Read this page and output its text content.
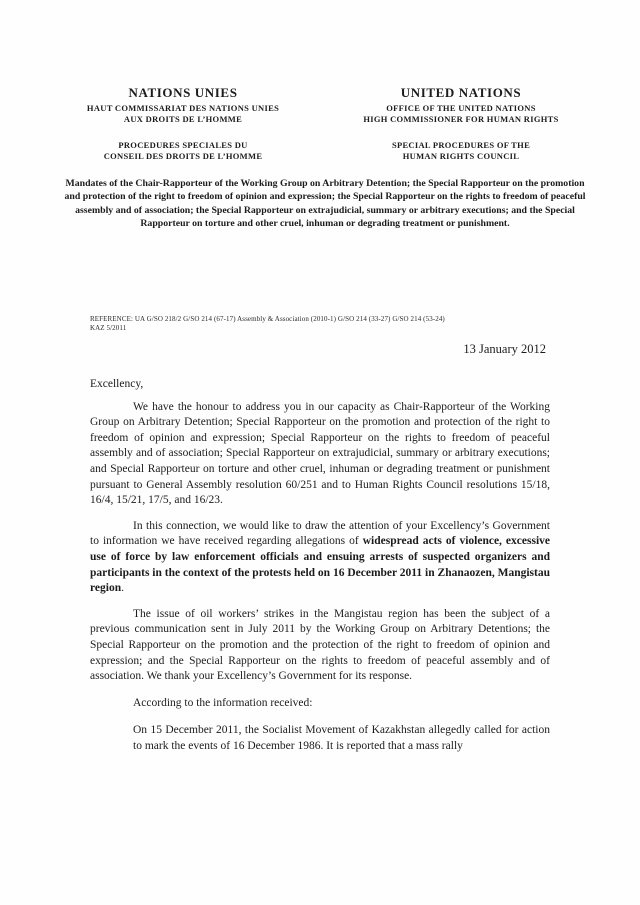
NATIONS UNIES
HAUT COMMISSARIAT DES NATIONS UNIES
AUX DROITS DE L’HOMME
PROCEDURES SPECIALES DU
CONSEIL DES DROITS DE L’HOMME
UNITED NATIONS
OFFICE OF THE UNITED NATIONS
HIGH COMMISSIONER FOR HUMAN RIGHTS
SPECIAL PROCEDURES OF THE
HUMAN RIGHTS COUNCIL
Mandates of the Chair-Rapporteur of the Working Group on Arbitrary Detention; the Special Rapporteur on the promotion and protection of the right to freedom of opinion and expression; the Special Rapporteur on the rights to freedom of peaceful assembly and of association; the Special Rapporteur on extrajudicial, summary or arbitrary executions; and the Special Rapporteur on torture and other cruel, inhuman or degrading treatment or punishment.
REFERENCE: UA G/SO 218/2 G/SO 214 (67-17) Assembly & Association (2010-1) G/SO 214 (33-27) G/SO 214 (53-24)
KAZ 5/2011
13 January 2012
Excellency,

We have the honour to address you in our capacity as Chair-Rapporteur of the Working Group on Arbitrary Detention; Special Rapporteur on the promotion and protection of the right to freedom of opinion and expression; Special Rapporteur on the rights to freedom of peaceful assembly and of association; Special Rapporteur on extrajudicial, summary or arbitrary executions; and Special Rapporteur on torture and other cruel, inhuman or degrading treatment or punishment pursuant to General Assembly resolution 60/251 and to Human Rights Council resolutions 15/18, 16/4, 15/21, 17/5, and 16/23.

In this connection, we would like to draw the attention of your Excellency’s Government to information we have received regarding allegations of widespread acts of violence, excessive use of force by law enforcement officials and ensuing arrests of suspected organizers and participants in the context of the protests held on 16 December 2011 in Zhanaozen, Mangistau region.

The issue of oil workers’ strikes in the Mangistau region has been the subject of a previous communication sent in July 2011 by the Working Group on Arbitrary Detentions; the Special Rapporteur on the promotion and the protection of the right to freedom of opinion and expression; and the Special Rapporteur on the rights to freedom of peaceful assembly and of association. We thank your Excellency’s Government for its response.

According to the information received:

On 15 December 2011, the Socialist Movement of Kazakhstan allegedly called for action to mark the events of 16 December 1986. It is reported that a mass rally
